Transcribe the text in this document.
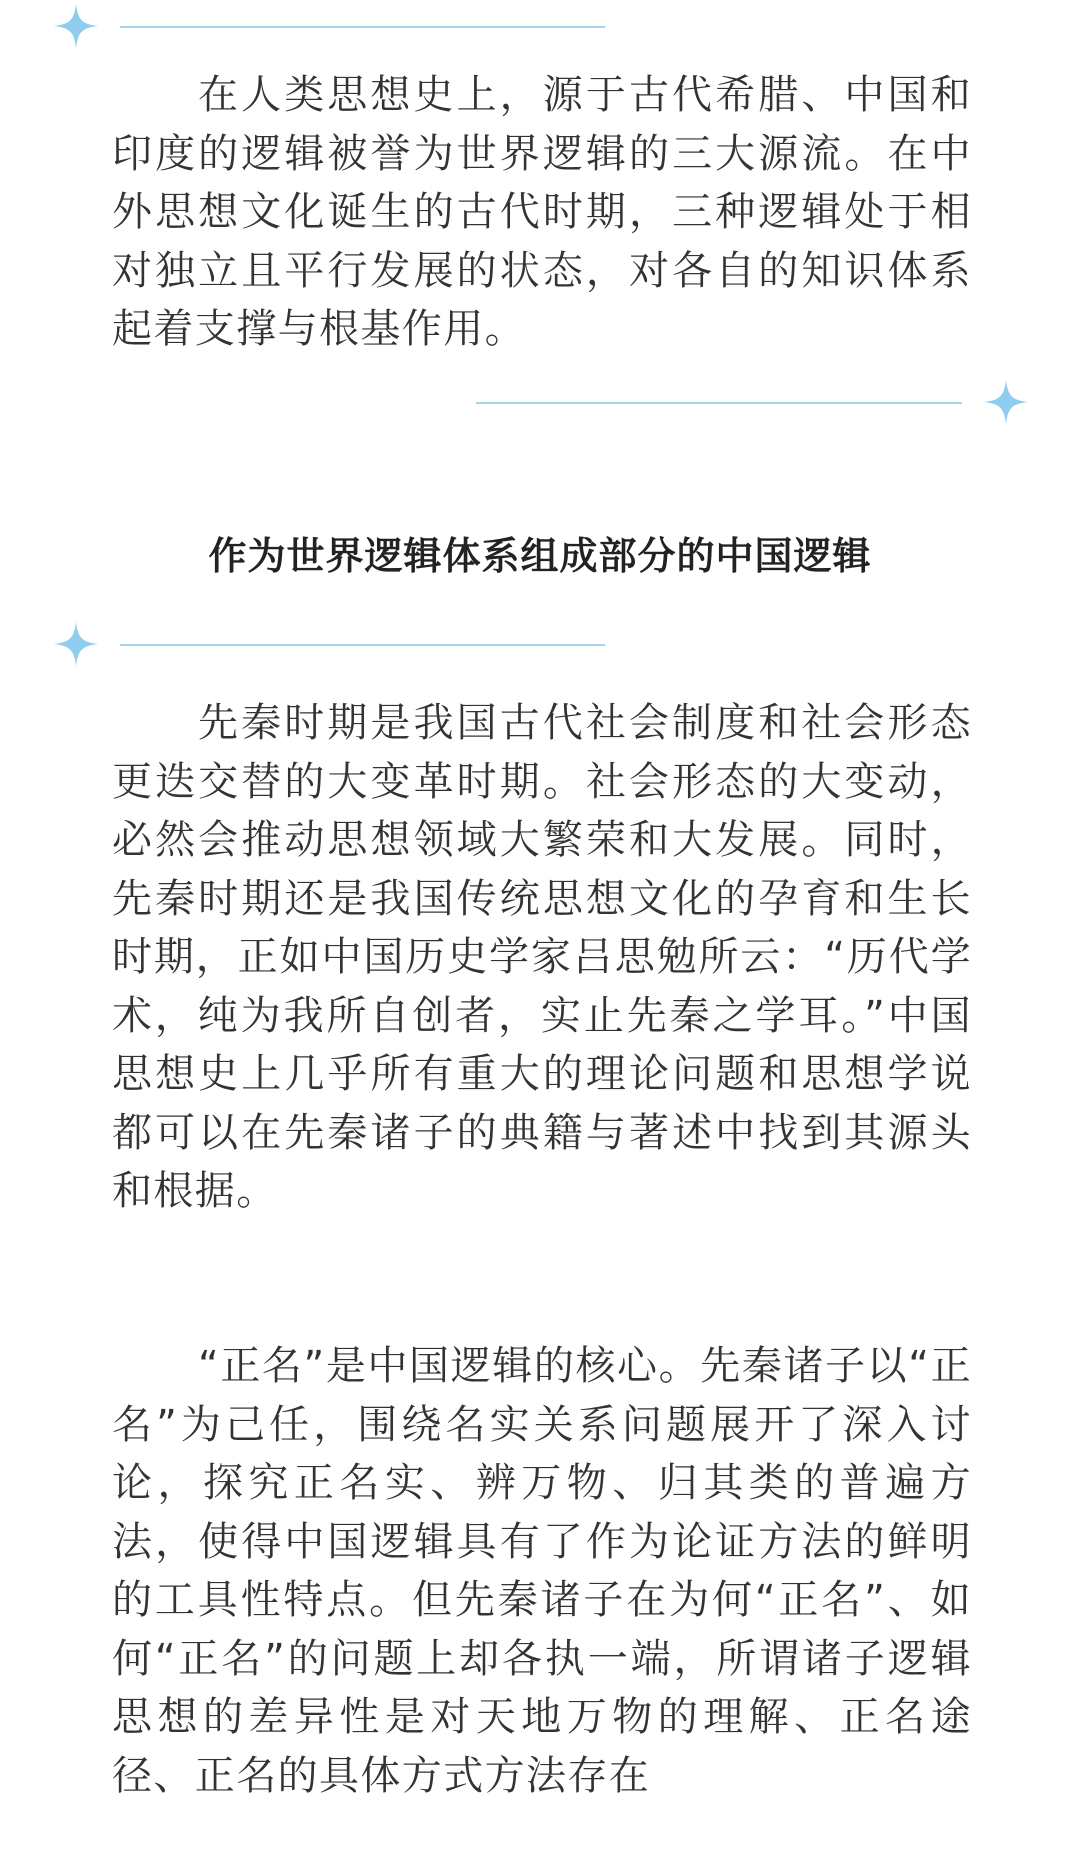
在人类思想史上，源于古代希腊、中国和印度的逻辑被誉为世界逻辑的三大源流。在中外思想文化诞生的古代时期，三种逻辑处于相对独立且平行发展的状态，对各自的知识体系起着支撑与根基作用。

作为世界逻辑体系组成部分的中国逻辑

先秦时期是我国古代社会制度和社会形态更迭交替的大变革时期。社会形态的大变动，必然会推动思想领域大繁荣和大发展。同时，先秦时期还是我国传统思想文化的孕育和生长时期，正如中国历史学家吕思勉所云：“历代学术，纯为我所自创者，实止先秦之学耳。”中国思想史上几乎所有重大的理论问题和思想学说都可以在先秦诸子的典籍与著述中找到其源头和根据。

“正名”是中国逻辑的核心。先秦诸子以“正名”为己任，围绕名实关系问题展开了深入讨论，探究正名实、辨万物、归其类的普遍方法，使得中国逻辑具有了作为论证方法的鲜明的工具性特点。但先秦诸子在为何“正名”、如何“正名”的问题上却各执一端，所谓诸子逻辑思想的差异性是对天地万物的理解、正名途径、正名的具体方式方法存在
